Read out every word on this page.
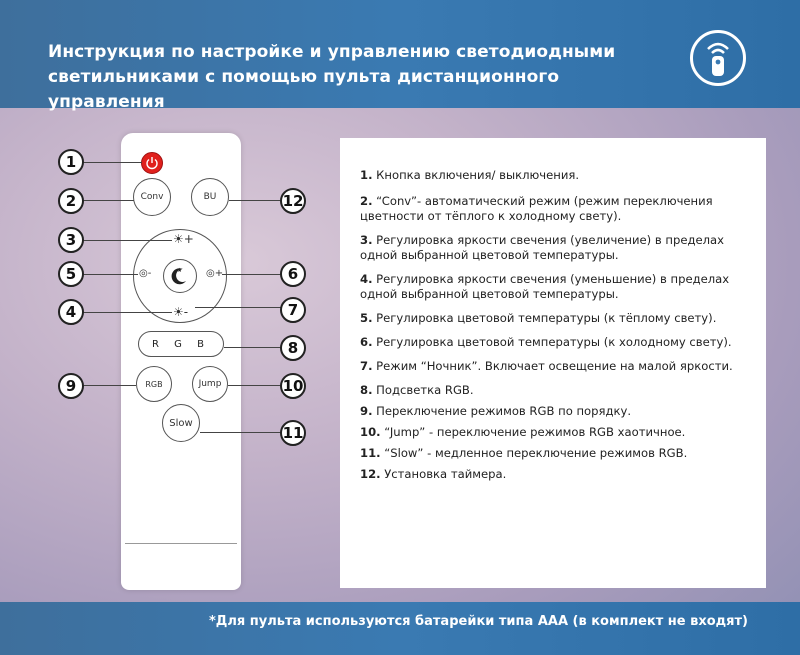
Инструкция по настройке и управлению светодиодными светильниками с помощью пульта дистанционного управления
Conv	BU
★
☀+
☀-
◎-	◎+
R G B
RGB	Jump
Slow
1
2
3
4
5	6
7
8
9	10
11
12
1. Кнопка включения/ выключения.
2. “Conv”- автоматический режим (режим переключения цветности от тёплого к холодному свету).
3. Регулировка яркости свечения (увеличение) в пределах одной выбранной цветовой температуры.
4. Регулировка яркости свечения (уменьшение) в пределах одной выбранной цветовой температуры.
5. Регулировка цветовой температуры (к тёплому свету).
6. Регулировка цветовой температуры (к холодному свету).
7. Режим “Ночник”. Включает освещение на малой яркости.
8. Подсветка RGB.
9. Переключение режимов RGB по порядку.
10. “Jump” - переключение режимов RGB хаотичное.
11. “Slow” - медленное переключение режимов RGB.
12. Установка таймера.
*Для пульта используются батарейки типа ААА (в комплект не входят)
